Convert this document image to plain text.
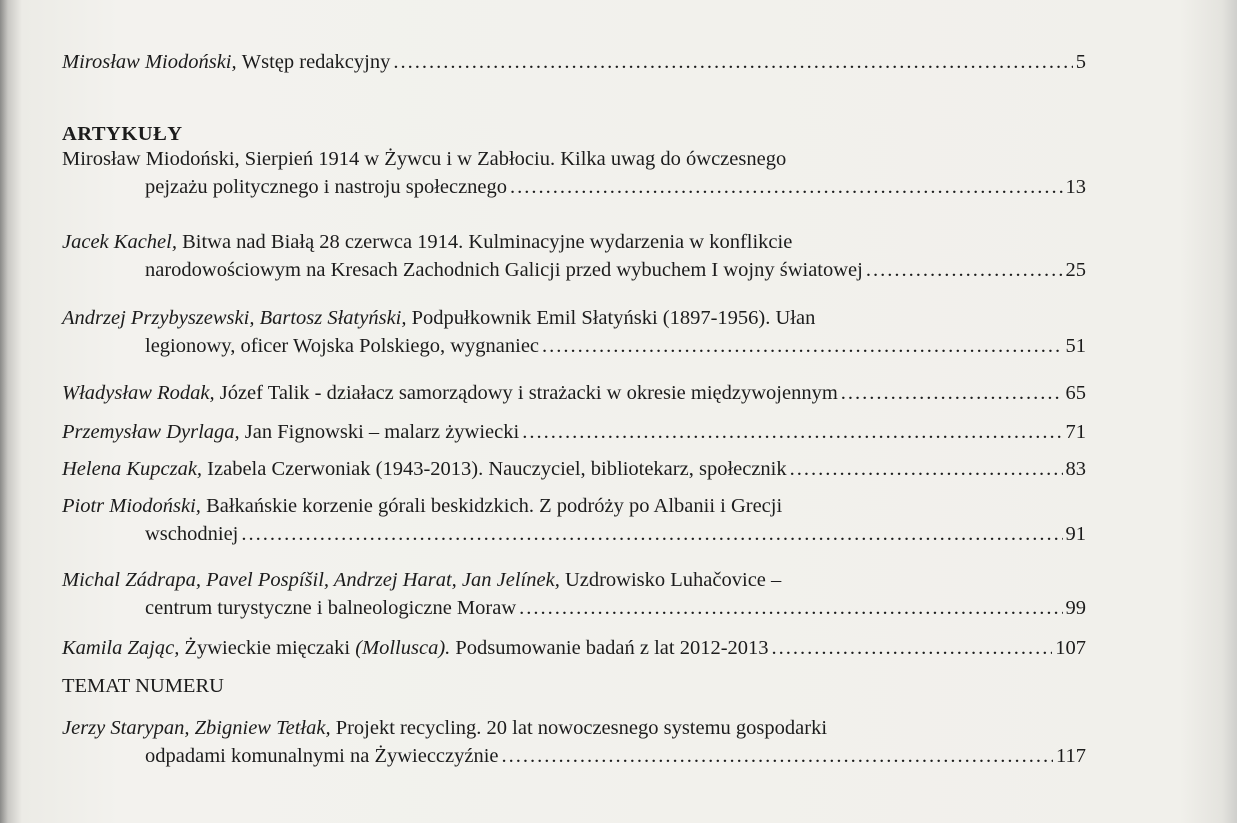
Mirosław Miodoński,
Wstęp redakcyjny .....	5
ARTYKUŁY
Mirosław Miodoński, Sierpień 1914 w Żywcu i w Zabłociu. Kilka uwag do ówczesnego
pejzażu politycznego i nastroju społecznego .....	13
Jacek Kachel,
Bitwa nad Białą 28 czerwca 1914. Kulminacyjne wydarzenia w konflikcie
narodowościowym na Kresach Zachodnich Galicji przed wybuchem I wojny światowej .....	25
Andrzej Przybyszewski, Bartosz Słatyński,
Podpułkownik Emil Słatyński (1897-1956). Ułan
legionowy, oficer Wojska Polskiego, wygnaniec .....	51
Władysław Rodak,
Józef Talik - działacz samorządowy i strażacki w okresie międzywojennym .....	65
Przemysław Dyrlaga,
Jan Fignowski – malarz żywiecki .....	71
Helena Kupczak,
Izabela Czerwoniak (1943-2013). Nauczyciel, bibliotekarz, społecznik .....	83
Piotr Miodoński,
Bałkańskie korzenie górali beskidzkich. Z podróży po Albanii i Grecji
wschodniej .....	91
Michal Zádrapa, Pavel Pospíšil, Andrzej Harat, Jan Jelínek,
Uzdrowisko Luhačovice –
centrum turystyczne i balneologiczne Moraw .....	99
Kamila Zając,
Żywieckie mięczaki
(Mollusca).
Podsumowanie badań z lat 2012-2013 .....	107
TEMAT NUMERU
Jerzy Starypan, Zbigniew Tetłak,
Projekt recycling. 20 lat nowoczesnego systemu gospodarki
odpadami komunalnymi na Żywiecczyźnie .....	117
